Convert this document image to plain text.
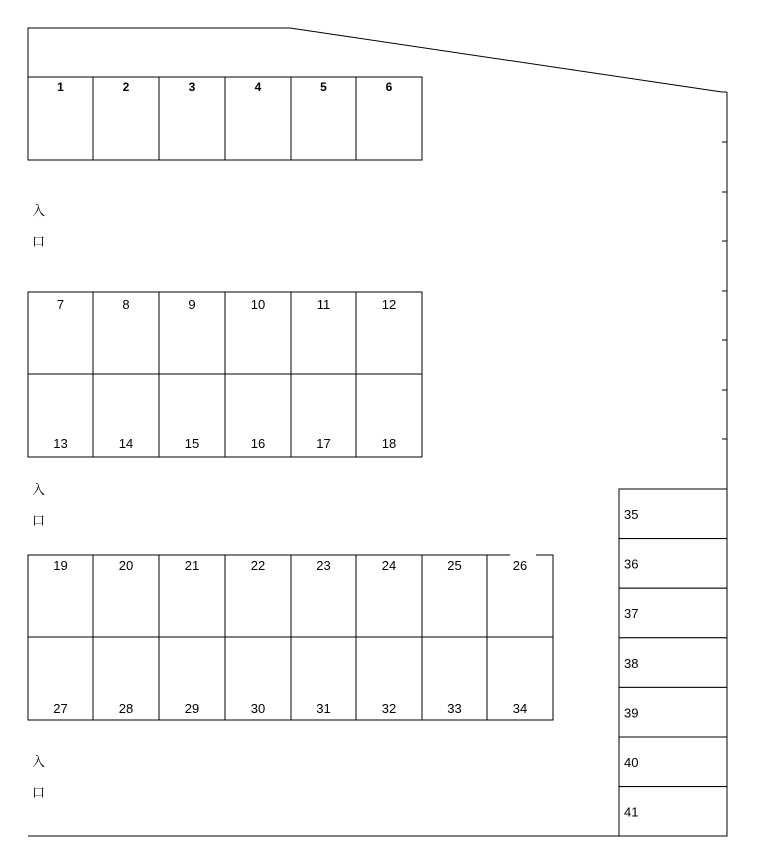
1	2	3	4	5	6
7	8	9	10	11	12
13	14	15	16	17	18
19	20	21	22	23	24	25	26
27	28	29	30	31	32	33	34
35
36
37
38
39
40
41
入
口
入
口
入
口
